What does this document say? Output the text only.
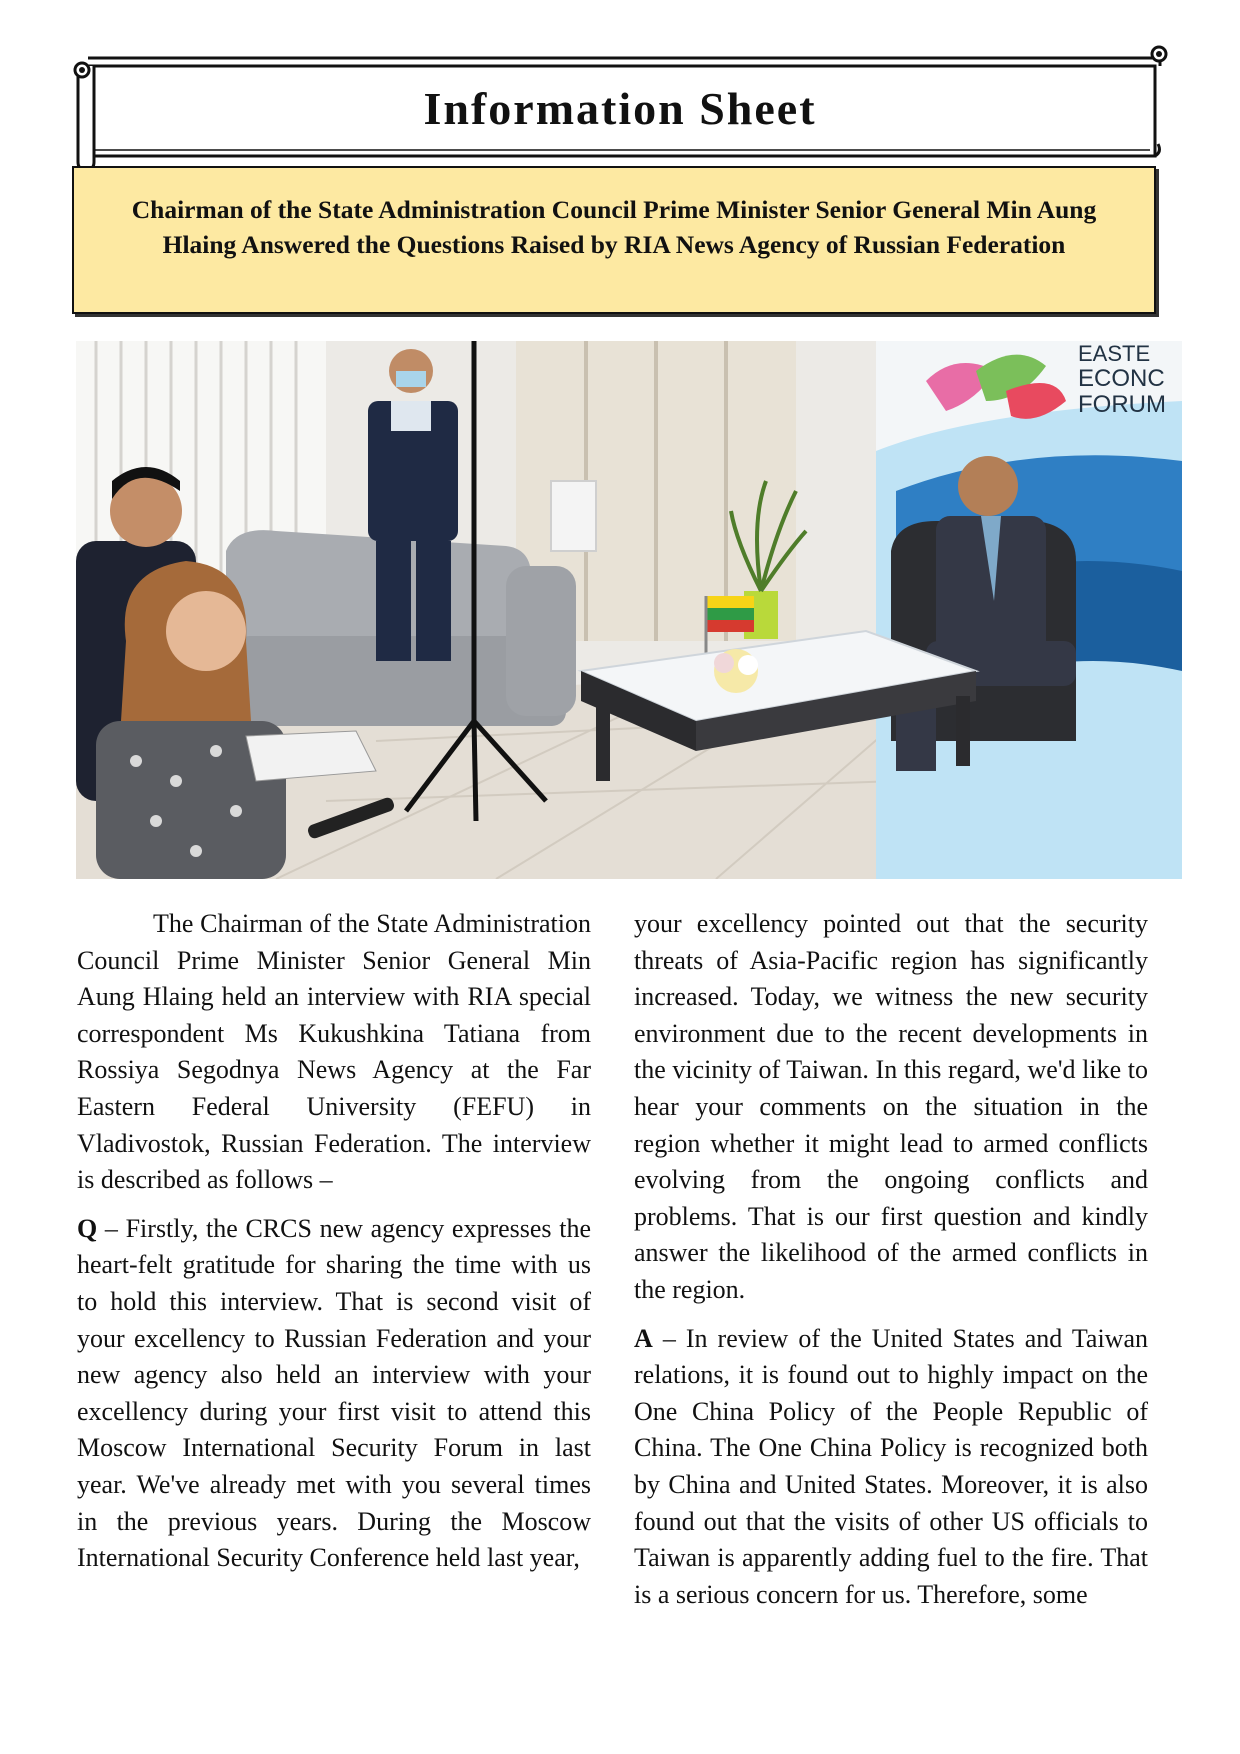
Information Sheet
Chairman of the State Administration Council Prime Minister Senior General Min Aung Hlaing Answered the Questions Raised by RIA News Agency of Russian Federation
EASTE
ECONC
FORUM

The Chairman of the State Administration Council Prime Minister Senior General Min Aung Hlaing held an interview with RIA special correspondent Ms Kukushkina Tatiana from Rossiya Segodnya News Agency at the Far Eastern Federal University (FEFU) in Vladivostok, Russian Federation. The interview is described as follows –

Q – Firstly, the CRCS new agency expresses the heart-felt gratitude for sharing the time with us to hold this interview. That is second visit of your excellency to Russian Federation and your new agency also held an interview with your excellency during your first visit to attend this Moscow International Security Forum in last year. We've already met with you several times in the previous years. During the Moscow International Security Conference held last year,

your excellency pointed out that the security threats of Asia-Pacific region has significantly increased. Today, we witness the new security environment due to the recent developments in the vicinity of Taiwan. In this regard, we'd like to hear your comments on the situation in the region whether it might lead to armed conflicts evolving from the ongoing conflicts and problems. That is our first question and kindly answer the likelihood of the armed conflicts in the region.

A – In review of the United States and Taiwan relations, it is found out to highly impact on the One China Policy of the People Republic of China. The One China Policy is recognized both by China and United States. Moreover, it is also found out that the visits of other US officials to Taiwan is apparently adding fuel to the fire. That is a serious concern for us. Therefore, some
